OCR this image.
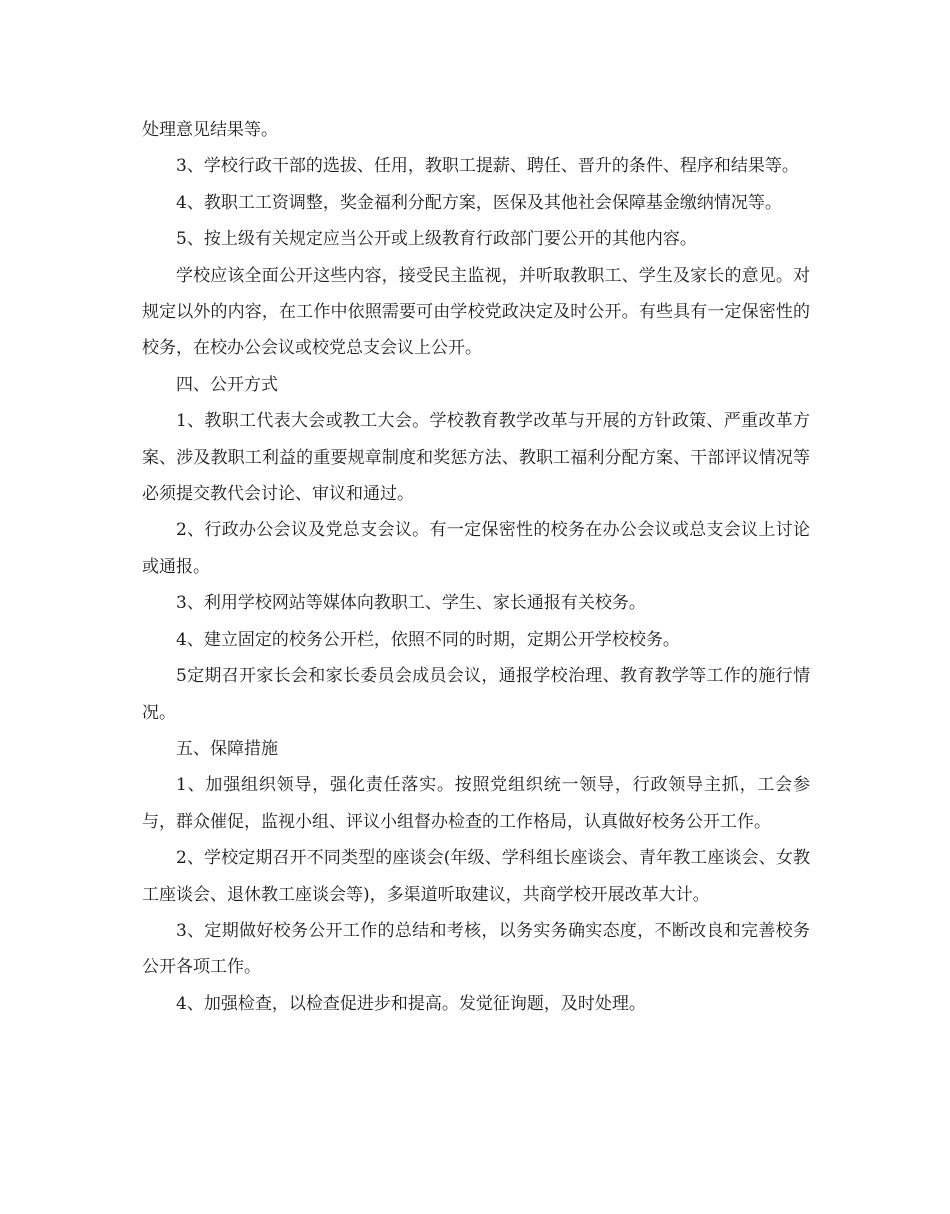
处理意见结果等。

3、学校行政干部的选拔、任用，教职工提薪、聘任、晋升的条件、程序和结果等。

4、教职工工资调整，奖金福利分配方案，医保及其他社会保障基金缴纳情况等。

5、按上级有关规定应当公开或上级教育行政部门要公开的其他内容。

学校应该全面公开这些内容，接受民主监视，并听取教职工、学生及家长的意见。对规定以外的内容，在工作中依照需要可由学校党政决定及时公开。有些具有一定保密性的校务，在校办公会议或校党总支会议上公开。

四、公开方式

1、教职工代表大会或教工大会。学校教育教学改革与开展的方针政策、严重改革方案、涉及教职工利益的重要规章制度和奖惩方法、教职工福利分配方案、干部评议情况等必须提交教代会讨论、审议和通过。

2、行政办公会议及党总支会议。有一定保密性的校务在办公会议或总支会议上讨论或通报。

3、利用学校网站等媒体向教职工、学生、家长通报有关校务。

4、建立固定的校务公开栏，依照不同的时期，定期公开学校校务。

5定期召开家长会和家长委员会成员会议，通报学校治理、教育教学等工作的施行情况。

五、保障措施

1、加强组织领导，强化责任落实。按照党组织统一领导，行政领导主抓，工会参与，群众催促，监视小组、评议小组督办检查的工作格局，认真做好校务公开工作。

2、学校定期召开不同类型的座谈会(年级、学科组长座谈会、青年教工座谈会、女教工座谈会、退休教工座谈会等)，多渠道听取建议，共商学校开展改革大计。

3、定期做好校务公开工作的总结和考核，以务实务确实态度，不断改良和完善校务公开各项工作。

4、加强检查，以检查促进步和提高。发觉征询题，及时处理。
